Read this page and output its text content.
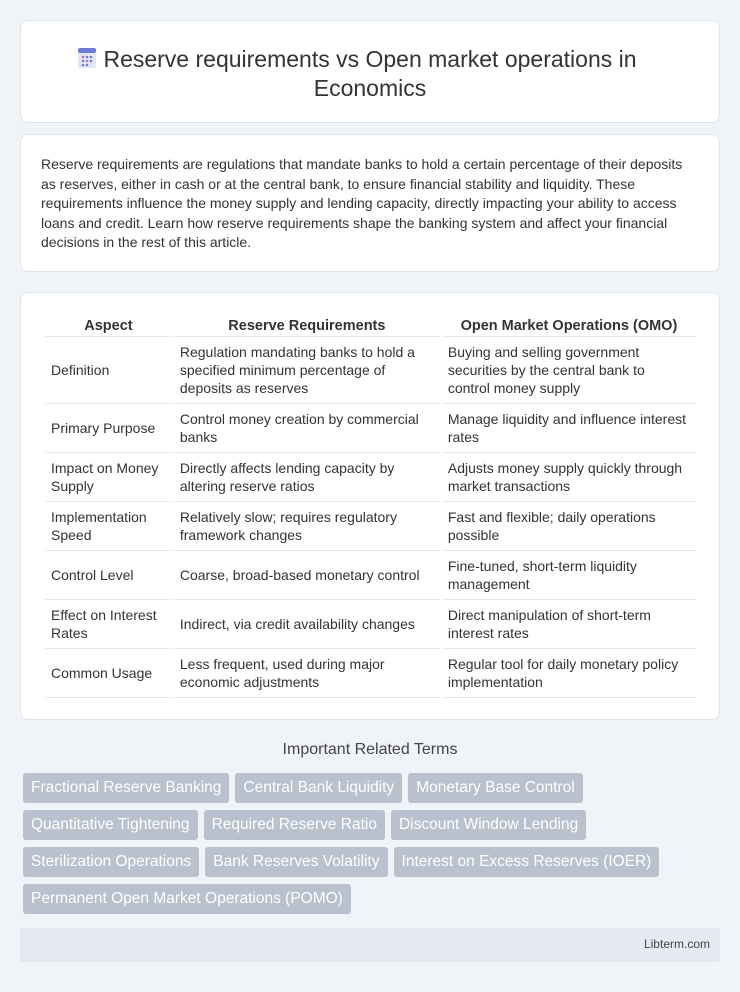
Reserve requirements vs Open market operations in Economics

Reserve requirements are regulations that mandate banks to hold a certain percentage of their deposits as reserves, either in cash or at the central bank, to ensure financial stability and liquidity. These requirements influence the money supply and lending capacity, directly impacting your ability to access loans and credit. Learn how reserve requirements shape the banking system and affect your financial decisions in the rest of this article.

Aspect	Reserve Requirements	Open Market Operations (OMO)
Definition	Regulation mandating banks to hold a specified minimum percentage of deposits as reserves	Buying and selling government securities by the central bank to control money supply
Primary Purpose	Control money creation by commercial banks	Manage liquidity and influence interest rates
Impact on Money Supply	Directly affects lending capacity by altering reserve ratios	Adjusts money supply quickly through market transactions
Implementation Speed	Relatively slow; requires regulatory framework changes	Fast and flexible; daily operations possible
Control Level	Coarse, broad-based monetary control	Fine-tuned, short-term liquidity management
Effect on Interest Rates	Indirect, via credit availability changes	Direct manipulation of short-term interest rates
Common Usage	Less frequent, used during major economic adjustments	Regular tool for daily monetary policy implementation
Important Related Terms
Fractional Reserve Banking	Central Bank Liquidity	Monetary Base Control
Quantitative Tightening	Required Reserve Ratio	Discount Window Lending
Sterilization Operations	Bank Reserves Volatility	Interest on Excess Reserves (IOER)
Permanent Open Market Operations (POMO)
Libterm.com
